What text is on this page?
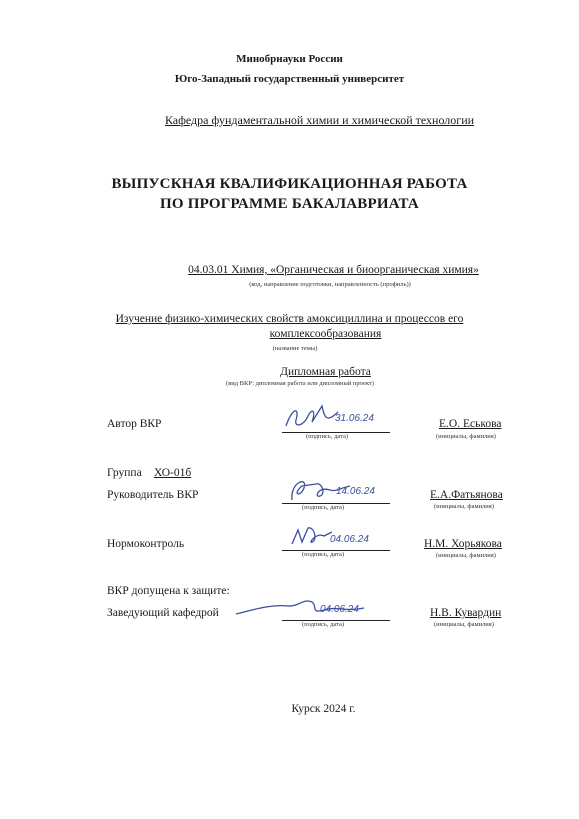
Минобрнауки России
Юго-Западный государственный университет
Кафедра фундаментальной химии и химической технологии
ВЫПУСКНАЯ КВАЛИФИКАЦИОННАЯ РАБОТА
ПО ПРОГРАММЕ БАКАЛАВРИАТА
04.03.01 Химия, «Органическая и биоорганическая химия»
(код, направление подготовки, направленность (профиль))
Изучение физико-химических свойств амоксициллина и процессов его
комплексообразования
(название темы)
Дипломная работа
(вид ВКР: дипломная работа или дипломный проект)
Автор ВКР	31.06.24
(подпись, дата)
Е.О. Еськова
(инициалы, фамилия)
Группа ХО-01б
Руководитель ВКР	14.06.24
(подпись, дата)
Е.А.Фатьянова
(инициалы, фамилия)
Нормоконтроль	04.06.24
(подпись, дата)
Н.М. Хорьякова
(инициалы, фамилия)
ВКР допущена к защите:
Заведующий кафедрой	04.06.24
(подпись, дата)
Н.В. Кувардин
(инициалы, фамилия)
Курск 2024 г.
